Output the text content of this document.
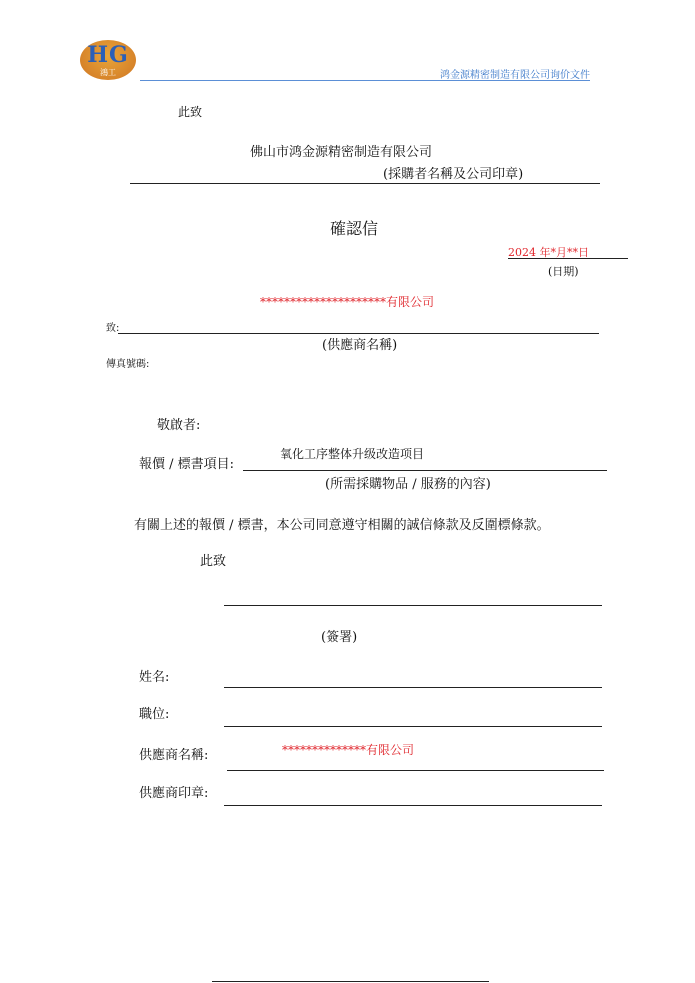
HG
鴻工	鸿金源精密制造有限公司询价文件
此致
佛山市鸿金源精密制造有限公司
(採購者名稱及公司印章)
確認信
2024 年*月**日
(日期)
*********************有限公司
致:
(供應商名稱)
傳真號碼:
敬啟者:
氧化工序整体升级改造项目
報價 / 標書項目:
(所需採購物品 / 服務的內容)
有關上述的報價 / 標書，本公司同意遵守相關的誠信條款及反圍標條款。
此致
(簽署)
姓名:
職位:
供應商名稱:	**************有限公司
供應商印章:
